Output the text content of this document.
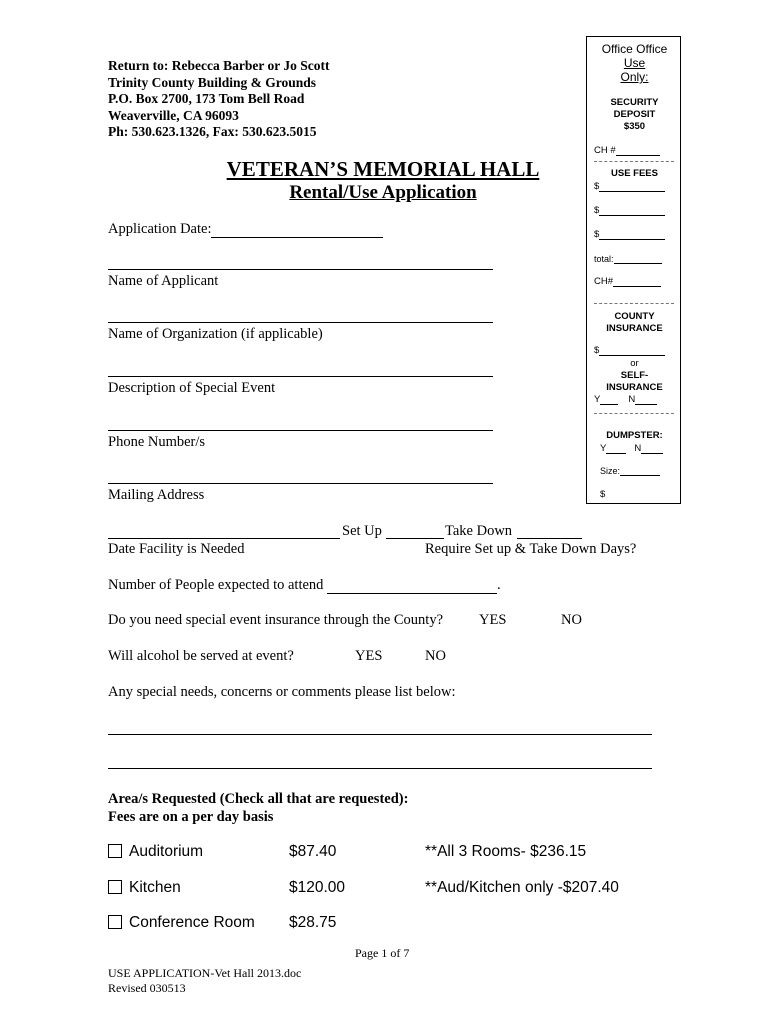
Return to: Rebecca Barber or Jo Scott
Trinity County Building & Grounds
P.O. Box 2700, 173 Tom Bell Road
Weaverville, CA 96093
Ph: 530.623.1326, Fax: 530.623.5015
Office Office
Use
Only:
SECURITY
DEPOSIT
$350
CH #
USE FEES
$
$
$
total:
CH#
COUNTY
INSURANCE
$
or
SELF-
INSURANCE
Y	N
DUMPSTER:
Y	N
Size:
$
VETERAN’S MEMORIAL HALL
Rental/Use Application
Application Date:
Name of Applicant
Name of Organization (if applicable)
Description of Special Event
Phone Number/s
Mailing Address
Set Up	Take Down
Date Facility is Needed	Require Set up & Take Down Days?
Number of People expected to attend	.
Do you need special event insurance through the County? YES	NO
Will alcohol be served at event?	YES	NO
Any special needs, concerns or comments please list below:
Area/s Requested (Check all that are requested):
Fees are on a per day basis
Auditorium	$87.40	**All 3 Rooms- $236.15
Kitchen	$120.00	**Aud/Kitchen only -$207.40
Conference Room $28.75
Page 1 of 7
USE APPLICATION-Vet Hall 2013.doc
Revised 030513
